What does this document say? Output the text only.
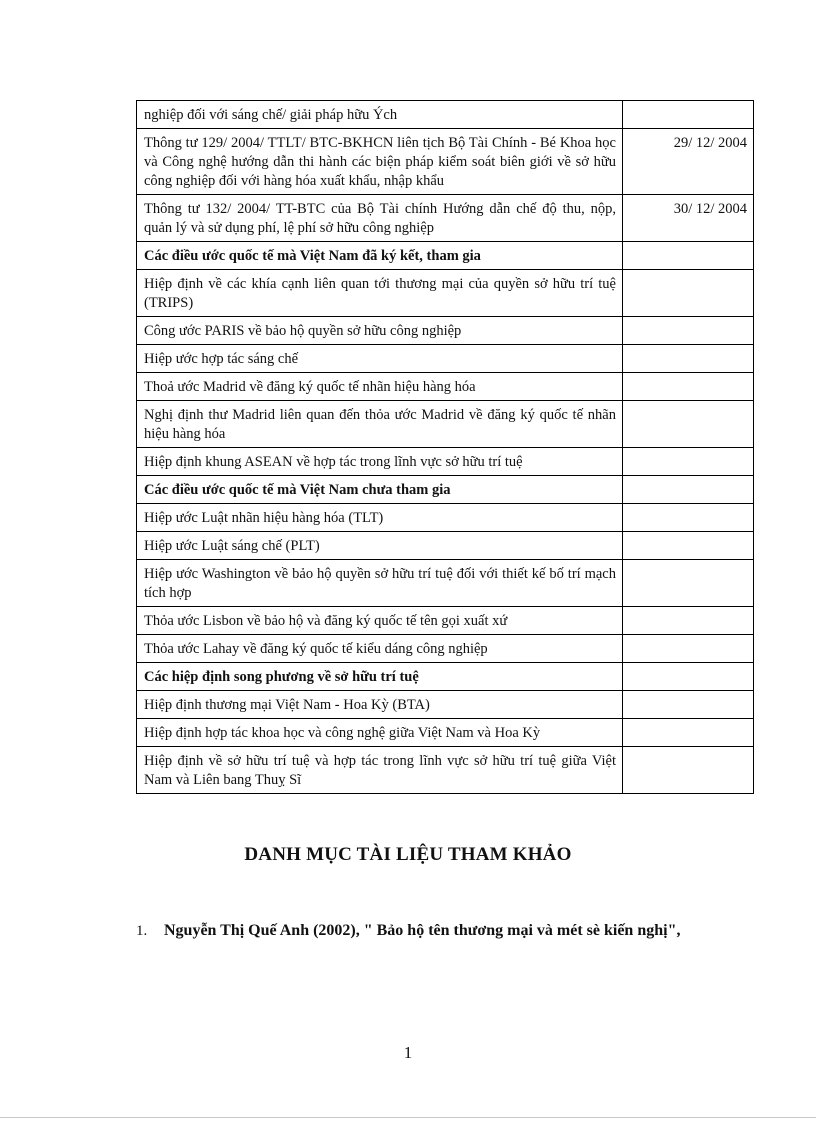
nghiệp đối với sáng chế/ giải pháp hữu Ých	
Thông tư 129/ 2004/ TTLT/ BTC-BKHCN liên tịch Bộ Tài Chính - Bé Khoa học và Công nghệ hướng dẫn thi hành các biện pháp kiểm soát biên giới về sở hữu công nghiệp đối với hàng hóa xuất khẩu, nhập khẩu	29/ 12/ 2004
Thông tư 132/ 2004/ TT-BTC của Bộ Tài chính Hướng dẫn chế độ thu, nộp, quản lý và sử dụng phí, lệ phí sở hữu công nghiệp	30/ 12/ 2004
Các điều ước quốc tế mà Việt Nam đã ký kết, tham gia	
Hiệp định về các khía cạnh liên quan tới thương mại của quyền sở hữu trí tuệ (TRIPS)	
Công ước PARIS về bảo hộ quyền sở hữu công nghiệp	
Hiệp ước hợp tác sáng chế	
Thoả ước Madrid về đăng ký quốc tế nhãn hiệu hàng hóa	
Nghị định thư Madrid liên quan đến thỏa ước Madrid về đăng ký quốc tế nhãn hiệu hàng hóa	
Hiệp định khung ASEAN về hợp tác trong lĩnh vực sở hữu trí tuệ	
Các điều ước quốc tế mà Việt Nam chưa tham gia	
Hiệp ước Luật nhãn hiệu hàng hóa (TLT)	
Hiệp ước Luật sáng chế (PLT)	
Hiệp ước Washington về bảo hộ quyền sở hữu trí tuệ đối với thiết kế bố trí mạch tích hợp	
Thỏa ước Lisbon về bảo hộ và đăng ký quốc tế tên gọi xuất xứ	
Thỏa ước Lahay về đăng ký quốc tế kiểu dáng công nghiệp	
Các hiệp định song phương về sở hữu trí tuệ	
Hiệp định thương mại Việt Nam - Hoa Kỳ (BTA)	
Hiệp định hợp tác khoa học và công nghệ giữa Việt Nam và Hoa Kỳ	
Hiệp định về sở hữu trí tuệ và hợp tác trong lĩnh vực sở hữu trí tuệ giữa Việt Nam và Liên bang Thuỵ Sĩ	
DANH MỤC TÀI LIỆU THAM KHẢO
1. Nguyễn Thị Quế Anh (2002), " Bảo hộ tên thương mại và mét sè kiến nghị",
1
